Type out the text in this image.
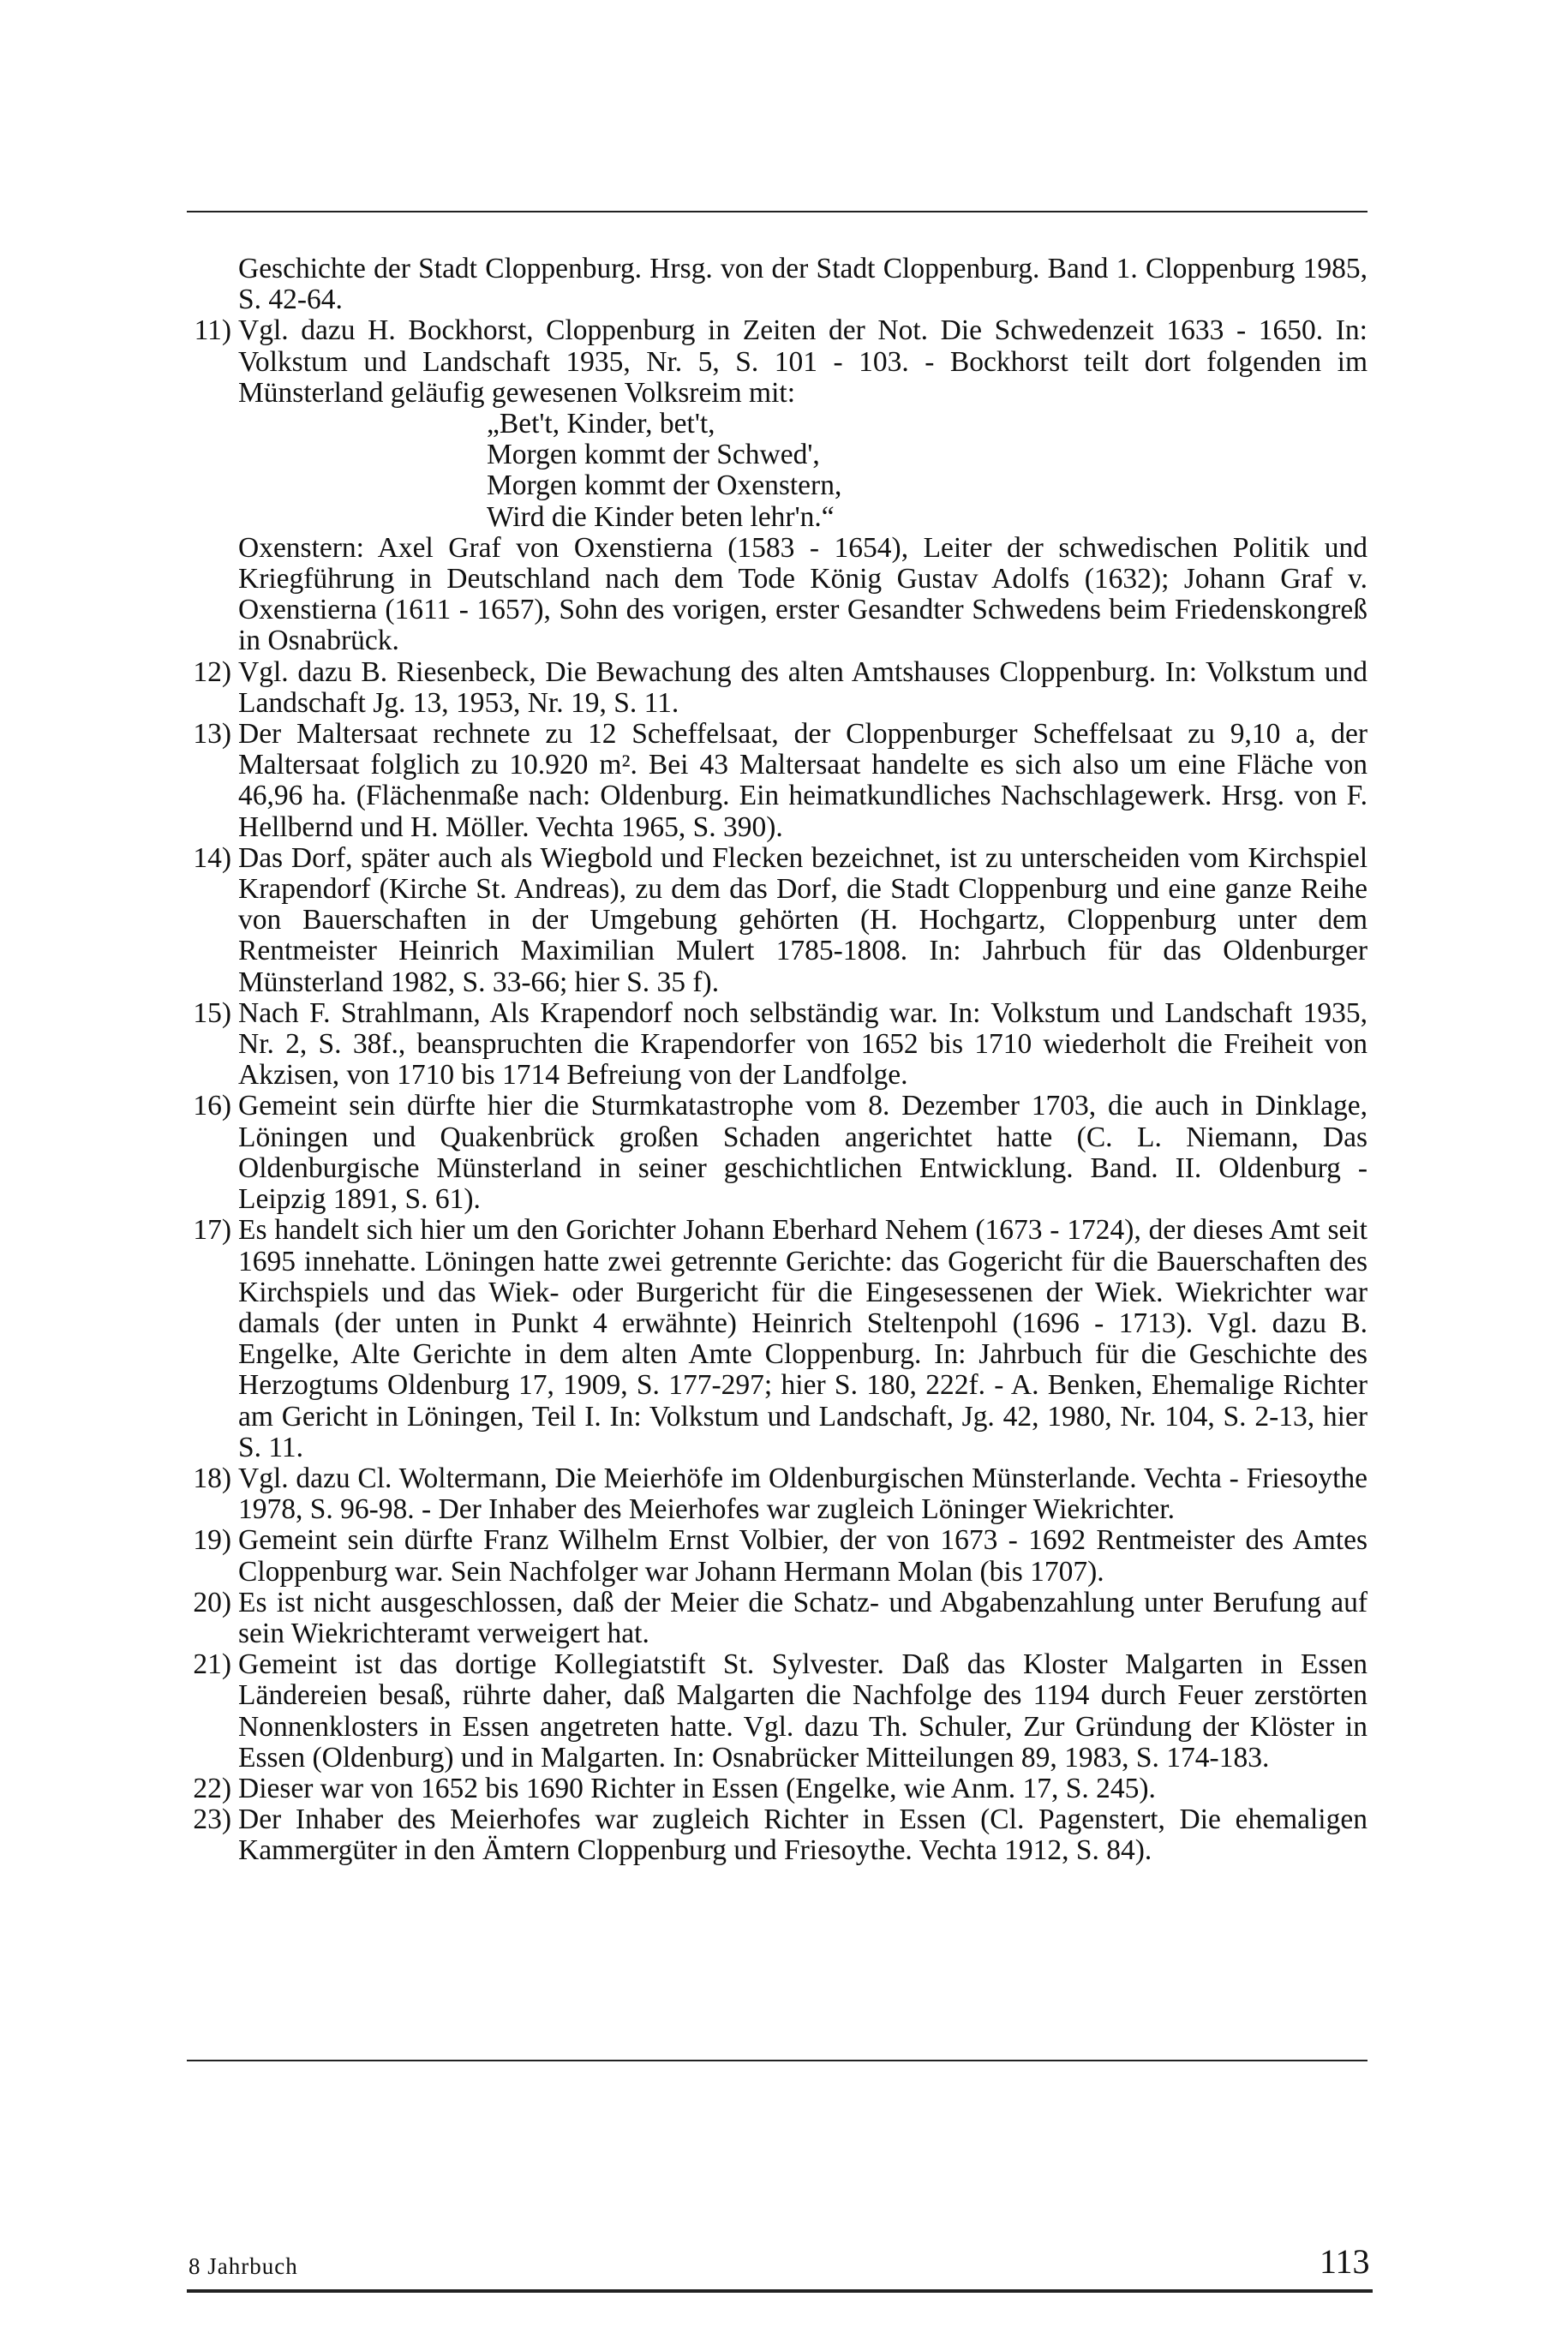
Geschichte der Stadt Cloppenburg. Hrsg. von der Stadt Cloppenburg. Band 1. Cloppenburg 1985, S. 42-64.
11) Vgl. dazu H. Bockhorst, Cloppenburg in Zeiten der Not. Die Schwedenzeit 1633 - 1650. In: Volkstum und Landschaft 1935, Nr. 5, S. 101 - 103. - Bockhorst teilt dort folgenden im Münsterland geläufig gewesenen Volksreim mit:
„Bet't, Kinder, bet't,
Morgen kommt der Schwed',
Morgen kommt der Oxenstern,
Wird die Kinder beten lehr'n.“
Oxenstern: Axel Graf von Oxenstierna (1583 - 1654), Leiter der schwedischen Politik und Kriegführung in Deutschland nach dem Tode König Gustav Adolfs (1632); Johann Graf v. Oxenstierna (1611 - 1657), Sohn des vorigen, erster Gesandter Schwedens beim Friedenskongreß in Osnabrück.
12) Vgl. dazu B. Riesenbeck, Die Bewachung des alten Amtshauses Cloppenburg. In: Volkstum und Landschaft Jg. 13, 1953, Nr. 19, S. 11.
13) Der Maltersaat rechnete zu 12 Scheffelsaat, der Cloppenburger Scheffelsaat zu 9,10 a, der Maltersaat folglich zu 10.920 m². Bei 43 Maltersaat handelte es sich also um eine Fläche von 46,96 ha. (Flächenmaße nach: Oldenburg. Ein heimatkundliches Nachschlagewerk. Hrsg. von F. Hellbernd und H. Möller. Vechta 1965, S. 390).
14) Das Dorf, später auch als Wiegbold und Flecken bezeichnet, ist zu unterscheiden vom Kirchspiel Krapendorf (Kirche St. Andreas), zu dem das Dorf, die Stadt Cloppenburg und eine ganze Reihe von Bauerschaften in der Umgebung gehörten (H. Hochgartz, Cloppenburg unter dem Rentmeister Heinrich Maximilian Mulert 1785-1808. In: Jahrbuch für das Oldenburger Münsterland 1982, S. 33-66; hier S. 35 f).
15) Nach F. Strahlmann, Als Krapendorf noch selbständig war. In: Volkstum und Landschaft 1935, Nr. 2, S. 38f., beanspruchten die Krapendorfer von 1652 bis 1710 wiederholt die Freiheit von Akzisen, von 1710 bis 1714 Befreiung von der Landfolge.
16) Gemeint sein dürfte hier die Sturmkatastrophe vom 8. Dezember 1703, die auch in Dinklage, Löningen und Quakenbrück großen Schaden angerichtet hatte (C. L. Niemann, Das Oldenburgische Münsterland in seiner geschichtlichen Entwicklung. Band. II. Oldenburg - Leipzig 1891, S. 61).
17) Es handelt sich hier um den Gorichter Johann Eberhard Nehem (1673 - 1724), der dieses Amt seit 1695 innehatte. Löningen hatte zwei getrennte Gerichte: das Gogericht für die Bauerschaften des Kirchspiels und das Wiek- oder Burgericht für die Eingesessenen der Wiek. Wiekrichter war damals (der unten in Punkt 4 erwähnte) Heinrich Steltenpohl (1696 - 1713). Vgl. dazu B. Engelke, Alte Gerichte in dem alten Amte Cloppenburg. In: Jahrbuch für die Geschichte des Herzogtums Oldenburg 17, 1909, S. 177-297; hier S. 180, 222f. - A. Benken, Ehemalige Richter am Gericht in Löningen, Teil I. In: Volkstum und Landschaft, Jg. 42, 1980, Nr. 104, S. 2-13, hier S. 11.
18) Vgl. dazu Cl. Woltermann, Die Meierhöfe im Oldenburgischen Münsterlande. Vechta - Friesoythe 1978, S. 96-98. - Der Inhaber des Meierhofes war zugleich Löninger Wiekrichter.
19) Gemeint sein dürfte Franz Wilhelm Ernst Volbier, der von 1673 - 1692 Rentmeister des Amtes Cloppenburg war. Sein Nachfolger war Johann Hermann Molan (bis 1707).
20) Es ist nicht ausgeschlossen, daß der Meier die Schatz- und Abgabenzahlung unter Berufung auf sein Wiekrichteramt verweigert hat.
21) Gemeint ist das dortige Kollegiatstift St. Sylvester. Daß das Kloster Malgarten in Essen Ländereien besaß, rührte daher, daß Malgarten die Nachfolge des 1194 durch Feuer zerstörten Nonnenklosters in Essen angetreten hatte. Vgl. dazu Th. Schuler, Zur Gründung der Klöster in Essen (Oldenburg) und in Malgarten. In: Osnabrücker Mitteilungen 89, 1983, S. 174-183.
22) Dieser war von 1652 bis 1690 Richter in Essen (Engelke, wie Anm. 17, S. 245).
23) Der Inhaber des Meierhofes war zugleich Richter in Essen (Cl. Pagenstert, Die ehemaligen Kammergüter in den Ämtern Cloppenburg und Friesoythe. Vechta 1912, S. 84).
8 Jahrbuch	113
